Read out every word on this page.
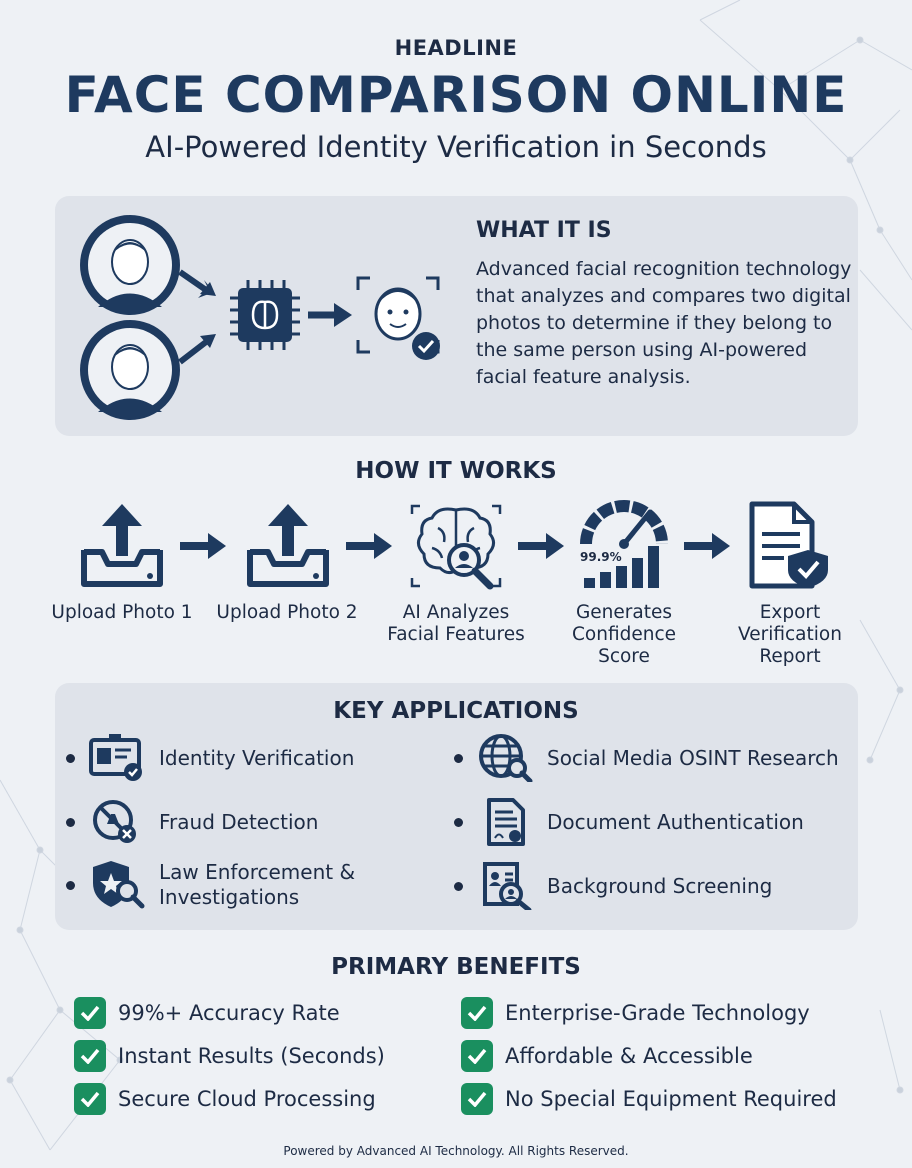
HEADLINE
FACE COMPARISON ONLINE
AI-Powered Identity Verification in Seconds
WHAT IT IS

Advanced facial recognition technology that analyzes and compares two digital photos to determine if they belong to the same person using AI-powered facial feature analysis.

HOW IT WORKS
Upload Photo 1 Upload Photo 2	AI Analyzes Facial Features
99.9%
Generates Confidence Score
Export Verification Report
KEY APPLICATIONS
Identity Verification
Fraud Detection
Law Enforcement & Investigations
Social Media OSINT Research
Document Authentication
Background Screening
PRIMARY BENEFITS
99%+ Accuracy Rate
Instant Results (Seconds)
Secure Cloud Processing
Enterprise-Grade Technology
Affordable & Accessible
No Special Equipment Required
Powered by Advanced AI Technology. All Rights Reserved.
